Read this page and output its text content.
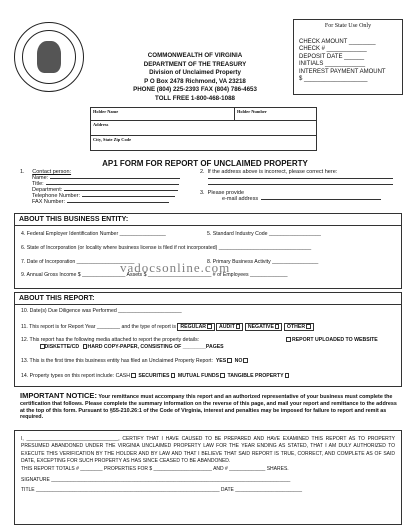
COMMONWEALTH OF VIRGINIA
DEPARTMENT OF THE TREASURY
Division of Unclaimed Property
P O Box 2478 Richmond, VA 23218
PHONE (804) 225-2393 FAX (804) 786-4653
TOLL FREE 1-800-468-1088
For State Use Only
CHECK AMOUNT ________
CHECK # ____________
DEPOSIT DATE ______
INITIALS ____________
INTEREST PAYMENT AMOUNT
$ ___________________
Holder Name	Holder Number
Address
City, State Zip Code
AP1 FORM FOR REPORT OF UNCLAIMED PROPERTY
1. Contact person:
Name:
Title:
Department:
Telephone Number:
FAX Number:
2. If the address above is incorrect, please correct here:
3. Please provide
e-mail address
ABOUT THIS BUSINESS ENTITY:
4. Federal Employer Identification Number ________________	5. Standard Industry Code __________________
6. State of Incorporation (or locality where business license is filed if not incorporated) ________________________________
7. Date of Incorporation ____________________	8. Primary Business Activity ________________
9. Annual Gross Income $ _______________ Assets $ ______________________ # of Employees _____________
ABOUT THIS REPORT:
10. Date(s) Due Diligence was Performed ______________________
11. This report is for Report Year ________ and the type of report is REGULAR AUDIT NEGATIVE OTHER
12. This report has the following media attached to report the property details:	REPORT UPLOADED TO WEBSITE
DISKETTE/CD HARD COPY-PAPER, CONSISTING OF ________PAGES
13. This is the first time this business entity has filed an Unclaimed Property Report: YES NO
14. Property types on this report include: CASH SECURITIES MUTUAL FUNDS TANGIBLE PROPERTY
vadocsonline.com
IMPORTANT NOTICE: Your remittance must accompany this report and an authorized representative of your business must complete the certification that follows. Please complete the summary information on the reverse of this page, and mail your report and remittance to the address at the top of this form. Pursuant to §55-210.26:1 of the Code of Virginia, interest and penalties may be imposed for failure to report and remit as required.
I, _________________________________, CERTIFY THAT I HAVE CAUSED TO BE PREPARED AND HAVE EXAMINED THIS REPORT AS TO PROPERTY PRESUMED ABANDONED UNDER THE VIRGINIA UNCLAIMED PROPERTY LAW FOR THE YEAR ENDING AS STATED, THAT I AM DULY AUTHORIZED TO EXECUTE THIS VERIFICATION BY THE HOLDER AND BY LAW AND THAT I BELIEVE THAT SAID REPORT IS TRUE, CORRECT, AND COMPLETE AS OF SAID DATE, EXCEPTING FOR SUCH PROPERTY AS HAS SINCE CEASED TO BE ABANDONED.
THIS REPORT TOTALS # ________ PROPERTIES FOR $ _____________________ AND # _____________ SHARES.
SIGNATURE ______________________________________________________________________________________
TITLE __________________________________________________________________ DATE ________________________
